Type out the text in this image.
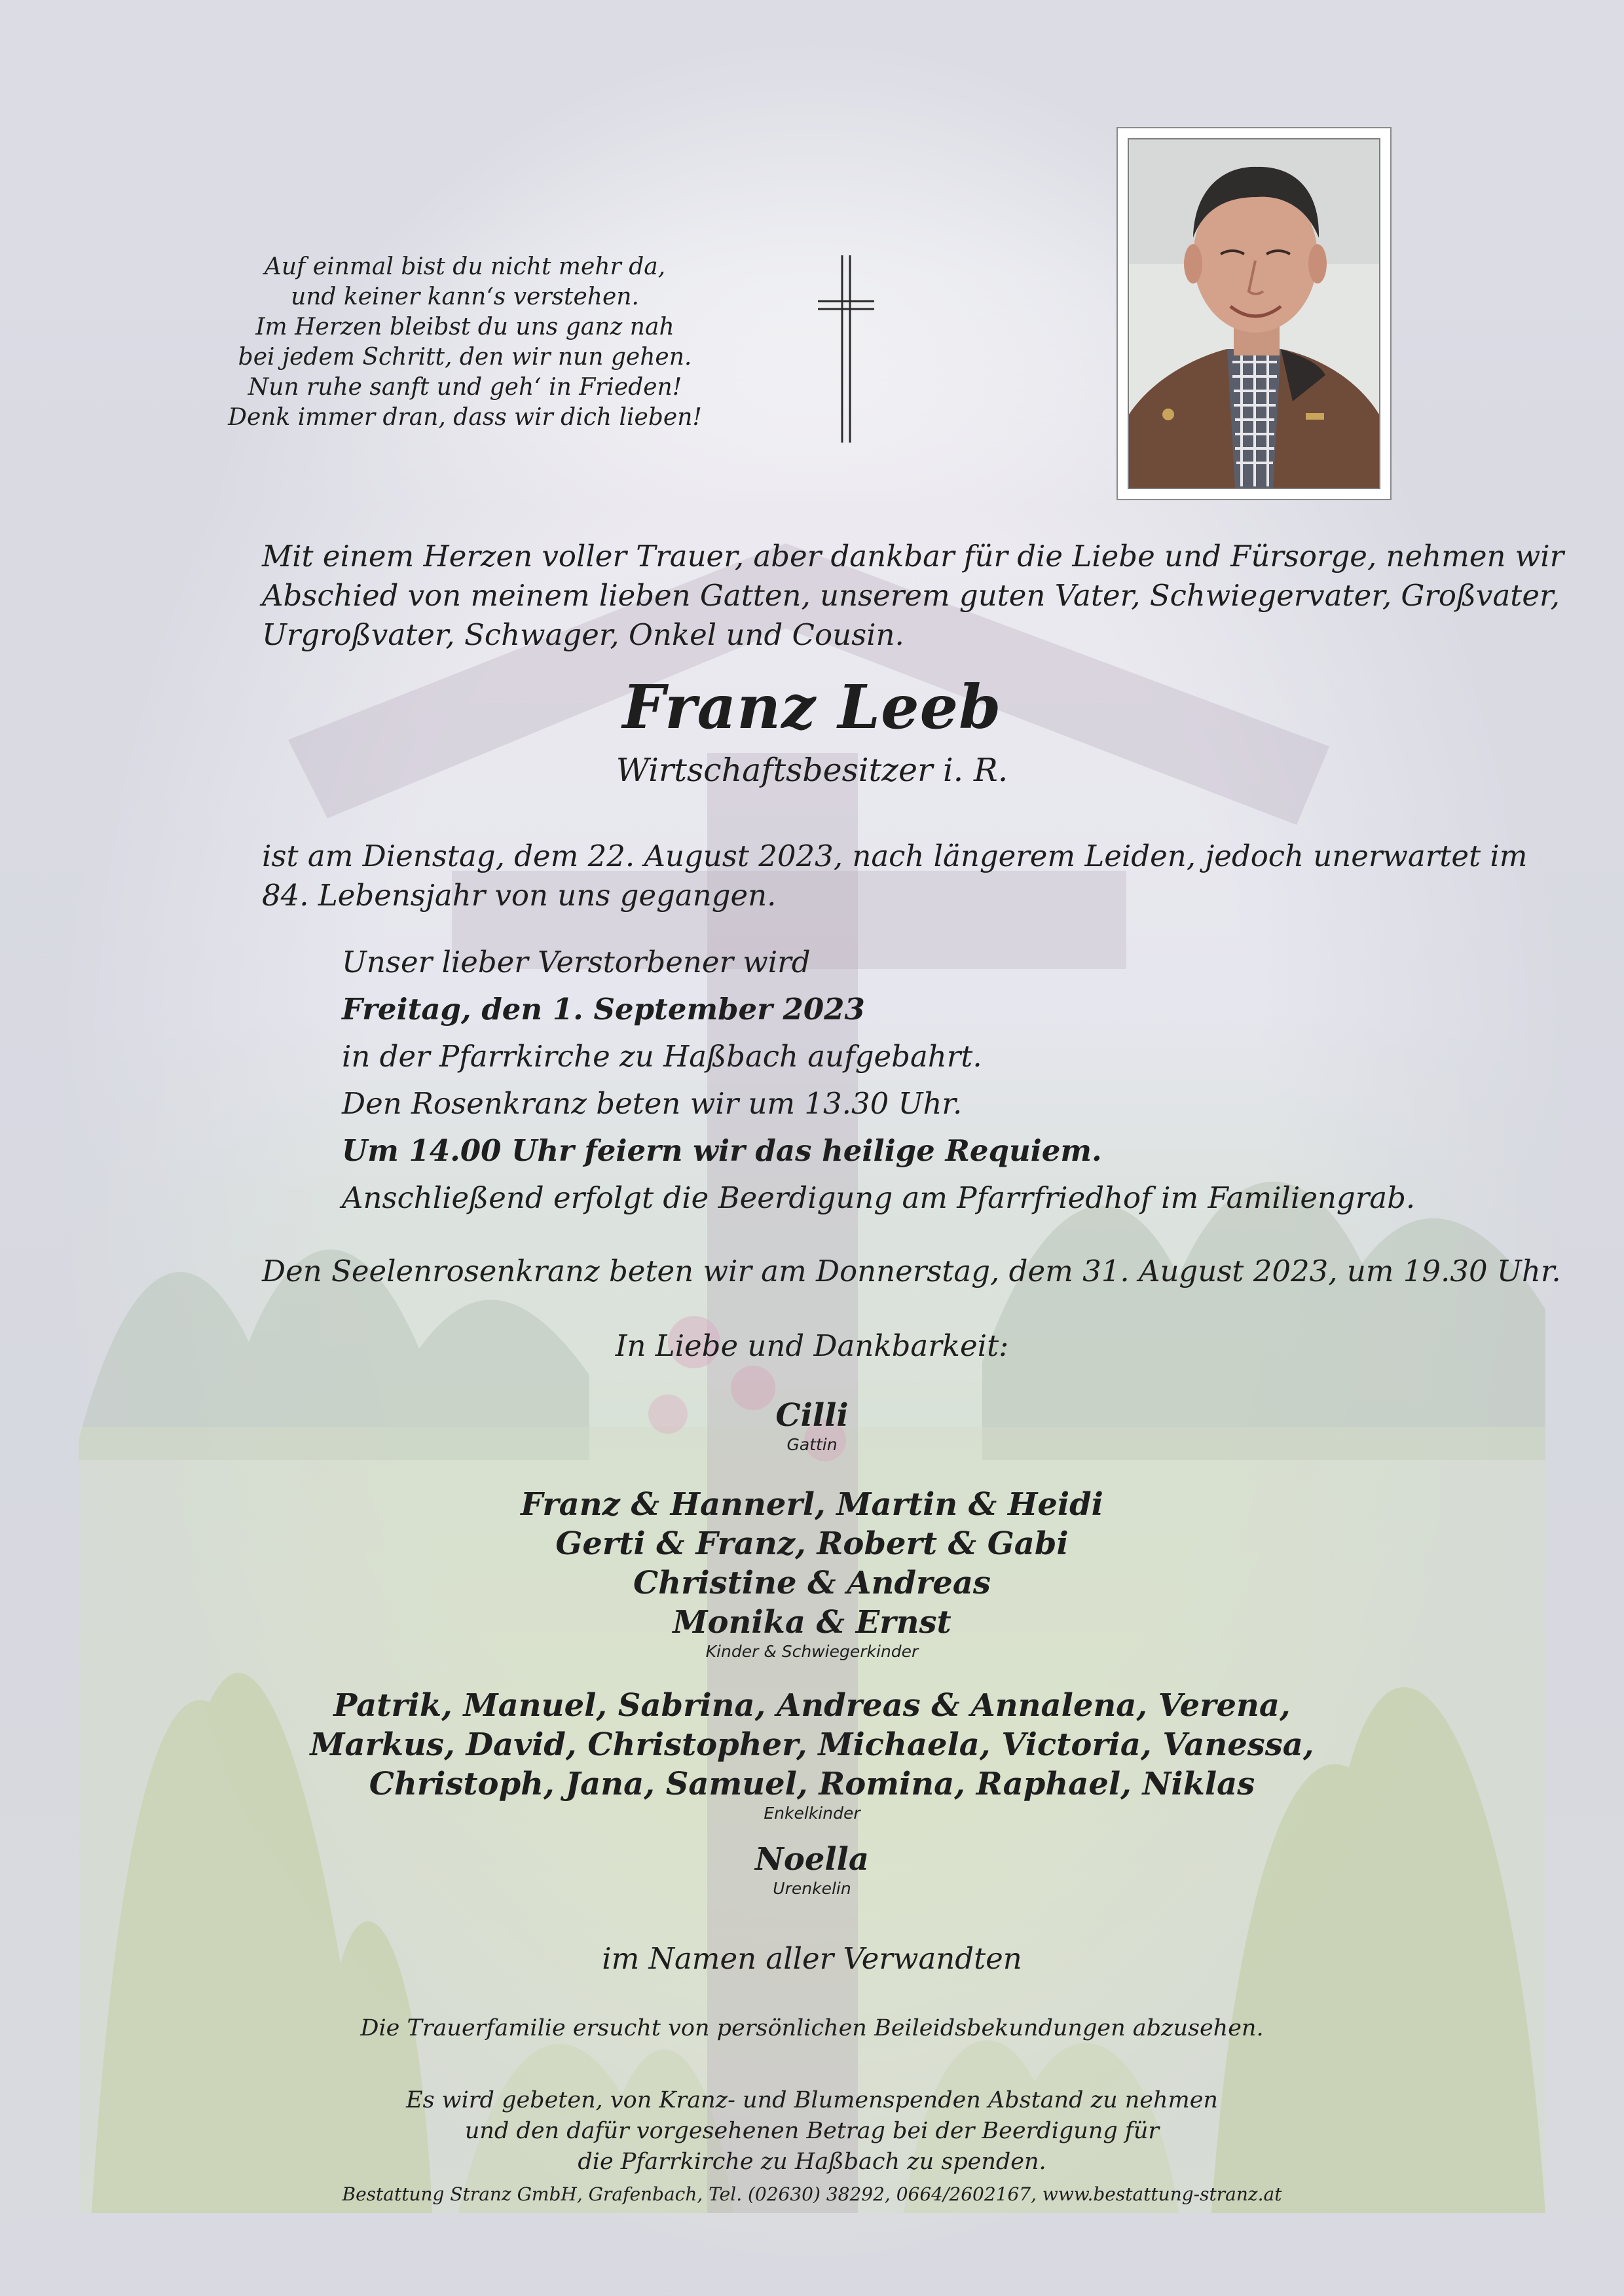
Auf einmal bist du nicht mehr da,
und keiner kann‘s verstehen.
Im Herzen bleibst du uns ganz nah
bei jedem Schritt, den wir nun gehen.
Nun ruhe sanft und geh‘ in Frieden!
Denk immer dran, dass wir dich lieben!
Mit einem Herzen voller Trauer, aber dankbar für die Liebe und Fürsorge, nehmen wir
Abschied von meinem lieben Gatten, unserem guten Vater, Schwiegervater, Großvater,
Urgroßvater, Schwager, Onkel und Cousin.
Franz Leeb
Wirtschaftsbesitzer i. R.
ist am Dienstag, dem 22. August 2023, nach längerem Leiden, jedoch unerwartet im
84. Lebensjahr von uns gegangen.
Unser lieber Verstorbener wird
Freitag, den 1. September 2023
in der Pfarrkirche zu Haßbach aufgebahrt.
Den Rosenkranz beten wir um 13.30 Uhr.
Um 14.00 Uhr feiern wir das heilige Requiem.
Anschließend erfolgt die Beerdigung am Pfarrfriedhof im Familiengrab.
Den Seelenrosenkranz beten wir am Donnerstag, dem 31. August 2023, um 19.30 Uhr.
In Liebe und Dankbarkeit:
Cilli
Gattin
Franz & Hannerl, Martin & Heidi
Gerti & Franz, Robert & Gabi
Christine & Andreas
Monika & Ernst
Kinder & Schwiegerkinder
Patrik, Manuel, Sabrina, Andreas & Annalena, Verena,
Markus, David, Christopher, Michaela, Victoria, Vanessa,
Christoph, Jana, Samuel, Romina, Raphael, Niklas
Enkelkinder
Noella
Urenkelin
im Namen aller Verwandten
Die Trauerfamilie ersucht von persönlichen Beileidsbekundungen abzusehen.
Es wird gebeten, von Kranz- und Blumenspenden Abstand zu nehmen
und den dafür vorgesehenen Betrag bei der Beerdigung für
die Pfarrkirche zu Haßbach zu spenden.
Bestattung Stranz GmbH, Grafenbach, Tel. (02630) 38292, 0664/2602167, www.bestattung-stranz.at
